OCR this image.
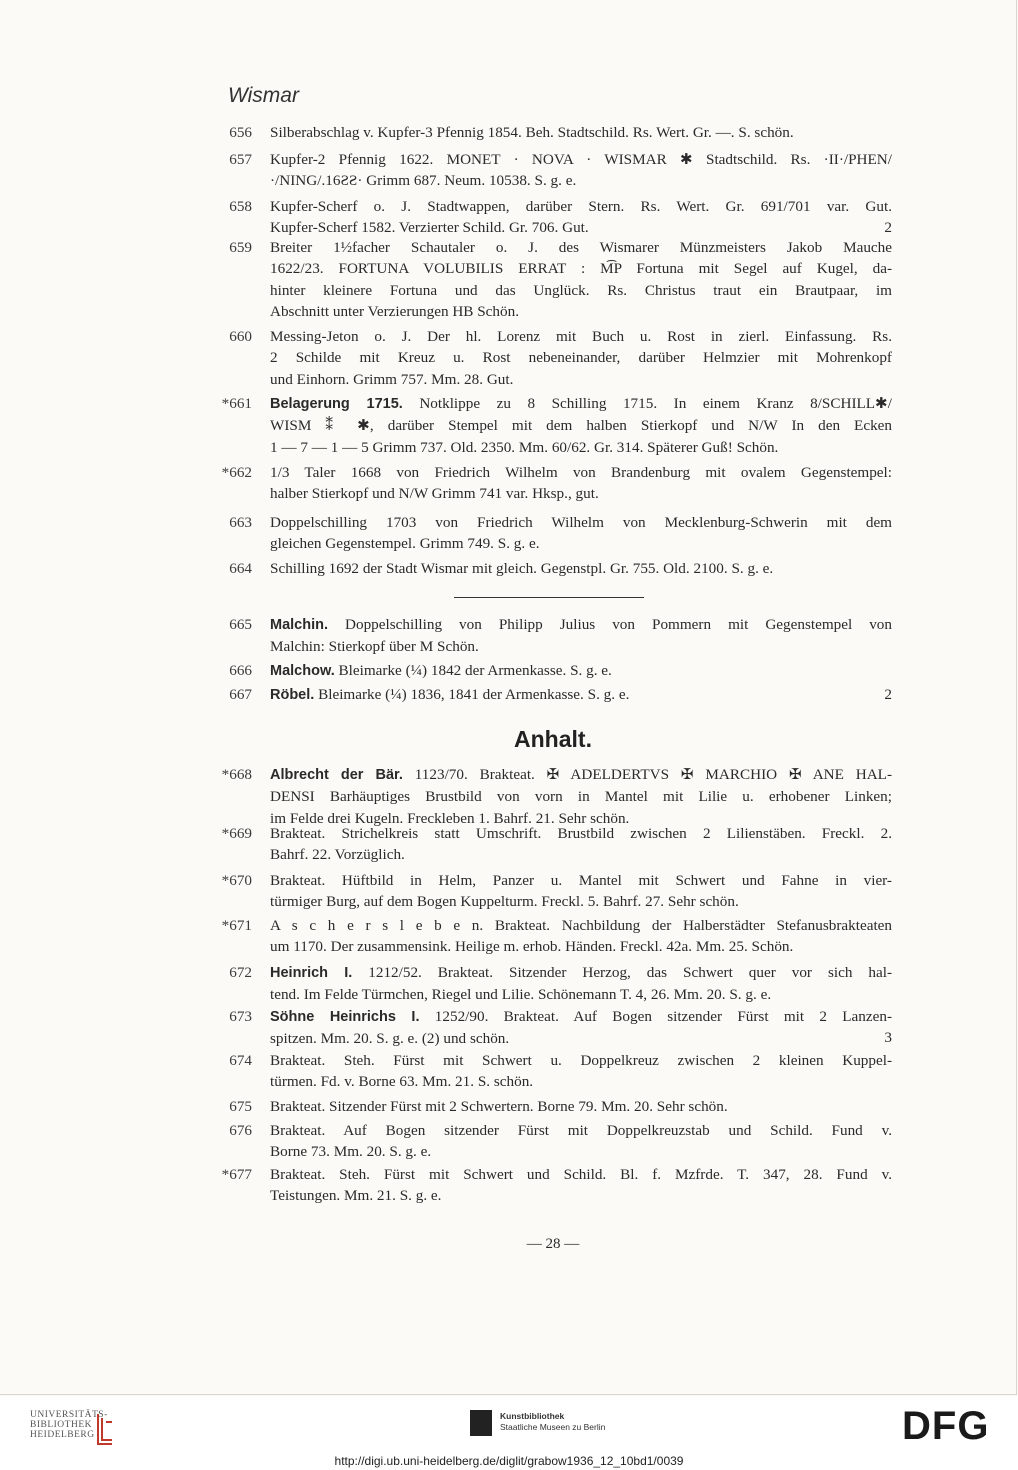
Wismar
656 Silberabschlag v. Kupfer-3 Pfennig 1854. Beh. Stadtschild. Rs. Wert. Gr. —. S. schön.
657 Kupfer-2 Pfennig 1622. MONET · NOVA · WISMAR ✱ Stadtschild. Rs. ·II·/PHEN/
·/NING/.16ƧƧ· Grimm 687. Neum. 10538. S. g. e.
658 Kupfer-Scherf o. J. Stadtwappen, darüber Stern. Rs. Wert. Gr. 691/701 var. Gut.
Kupfer-Scherf 1582. Verzierter Schild. Gr. 706. Gut.	2
659 Breiter 1½facher Schautaler o. J. des Wismarer Münzmeisters Jakob Mauche
1622/23. FORTUNA VOLUBILIS ERRAT : M͡P Fortuna mit Segel auf Kugel, da-
hinter kleinere Fortuna und das Unglück. Rs. Christus traut ein Brautpaar, im
Abschnitt unter Verzierungen HB Schön.
660 Messing-Jeton o. J. Der hl. Lorenz mit Buch u. Rost in zierl. Einfassung. Rs.
2 Schilde mit Kreuz u. Rost nebeneinander, darüber Helmzier mit Mohrenkopf
und Einhorn. Grimm 757. Mm. 28. Gut.
*661 Belagerung 1715. Notklippe zu 8 Schilling 1715. In einem Kranz 8/SCHILL✱/
WISM ⁑ ✱, darüber Stempel mit dem halben Stierkopf und N/W In den Ecken
1 — 7 — 1 — 5 Grimm 737. Old. 2350. Mm. 60/62. Gr. 314. Späterer Guß! Schön.
*662 1/3 Taler 1668 von Friedrich Wilhelm von Brandenburg mit ovalem Gegenstempel:
halber Stierkopf und N/W Grimm 741 var. Hksp., gut.
663 Doppelschilling 1703 von Friedrich Wilhelm von Mecklenburg-Schwerin mit dem
gleichen Gegenstempel. Grimm 749. S. g. e.
664 Schilling 1692 der Stadt Wismar mit gleich. Gegenstpl. Gr. 755. Old. 2100. S. g. e.
665 Malchin. Doppelschilling von Philipp Julius von Pommern mit Gegenstempel von
Malchin: Stierkopf über M Schön.
666 Malchow. Bleimarke (¼) 1842 der Armenkasse. S. g. e.
667 Röbel. Bleimarke (¼) 1836, 1841 der Armenkasse. S. g. e.	2
*668 Albrecht der Bär. 1123/70. Brakteat. ✠ ADELDERTVS ✠ MARCHIO ✠ ANE HAL-
DENSI Barhäuptiges Brustbild von vorn in Mantel mit Lilie u. erhobener Linken;
im Felde drei Kugeln. Freckleben 1. Bahrf. 21. Sehr schön.
*669 Brakteat. Strichelkreis statt Umschrift. Brustbild zwischen 2 Lilienstäben. Freckl. 2.
Bahrf. 22. Vorzüglich.
*670 Brakteat. Hüftbild in Helm, Panzer u. Mantel mit Schwert und Fahne in vier-
türmiger Burg, auf dem Bogen Kuppelturm. Freckl. 5. Bahrf. 27. Sehr schön.
*671 A s c h e r s l e b e n. Brakteat. Nachbildung der Halberstädter Stefanusbrakteaten
um 1170. Der zusammensink. Heilige m. erhob. Händen. Freckl. 42a. Mm. 25. Schön.
672 Heinrich I. 1212/52. Brakteat. Sitzender Herzog, das Schwert quer vor sich hal-
tend. Im Felde Türmchen, Riegel und Lilie. Schönemann T. 4, 26. Mm. 20. S. g. e.
673 Söhne Heinrichs I. 1252/90. Brakteat. Auf Bogen sitzender Fürst mit 2 Lanzen-
spitzen. Mm. 20. S. g. e. (2) und schön.	3
674 Brakteat. Steh. Fürst mit Schwert u. Doppelkreuz zwischen 2 kleinen Kuppel-
türmen. Fd. v. Borne 63. Mm. 21. S. schön.
675 Brakteat. Sitzender Fürst mit 2 Schwertern. Borne 79. Mm. 20. Sehr schön.
676 Brakteat. Auf Bogen sitzender Fürst mit Doppelkreuzstab und Schild. Fund v.
Borne 73. Mm. 20. S. g. e.
*677 Brakteat. Steh. Fürst mit Schwert und Schild. Bl. f. Mzfrde. T. 347, 28. Fund v.
Teistungen. Mm. 21. S. g. e.
Anhalt.
— 28 —
UNIVERSITÄTS-
BIBLIOTHEK
HEIDELBERG
Kunstbibliothek
Staatliche Museen zu Berlin	DFG
http://digi.ub.uni-heidelberg.de/diglit/grabow1936_12_10bd1/0039
